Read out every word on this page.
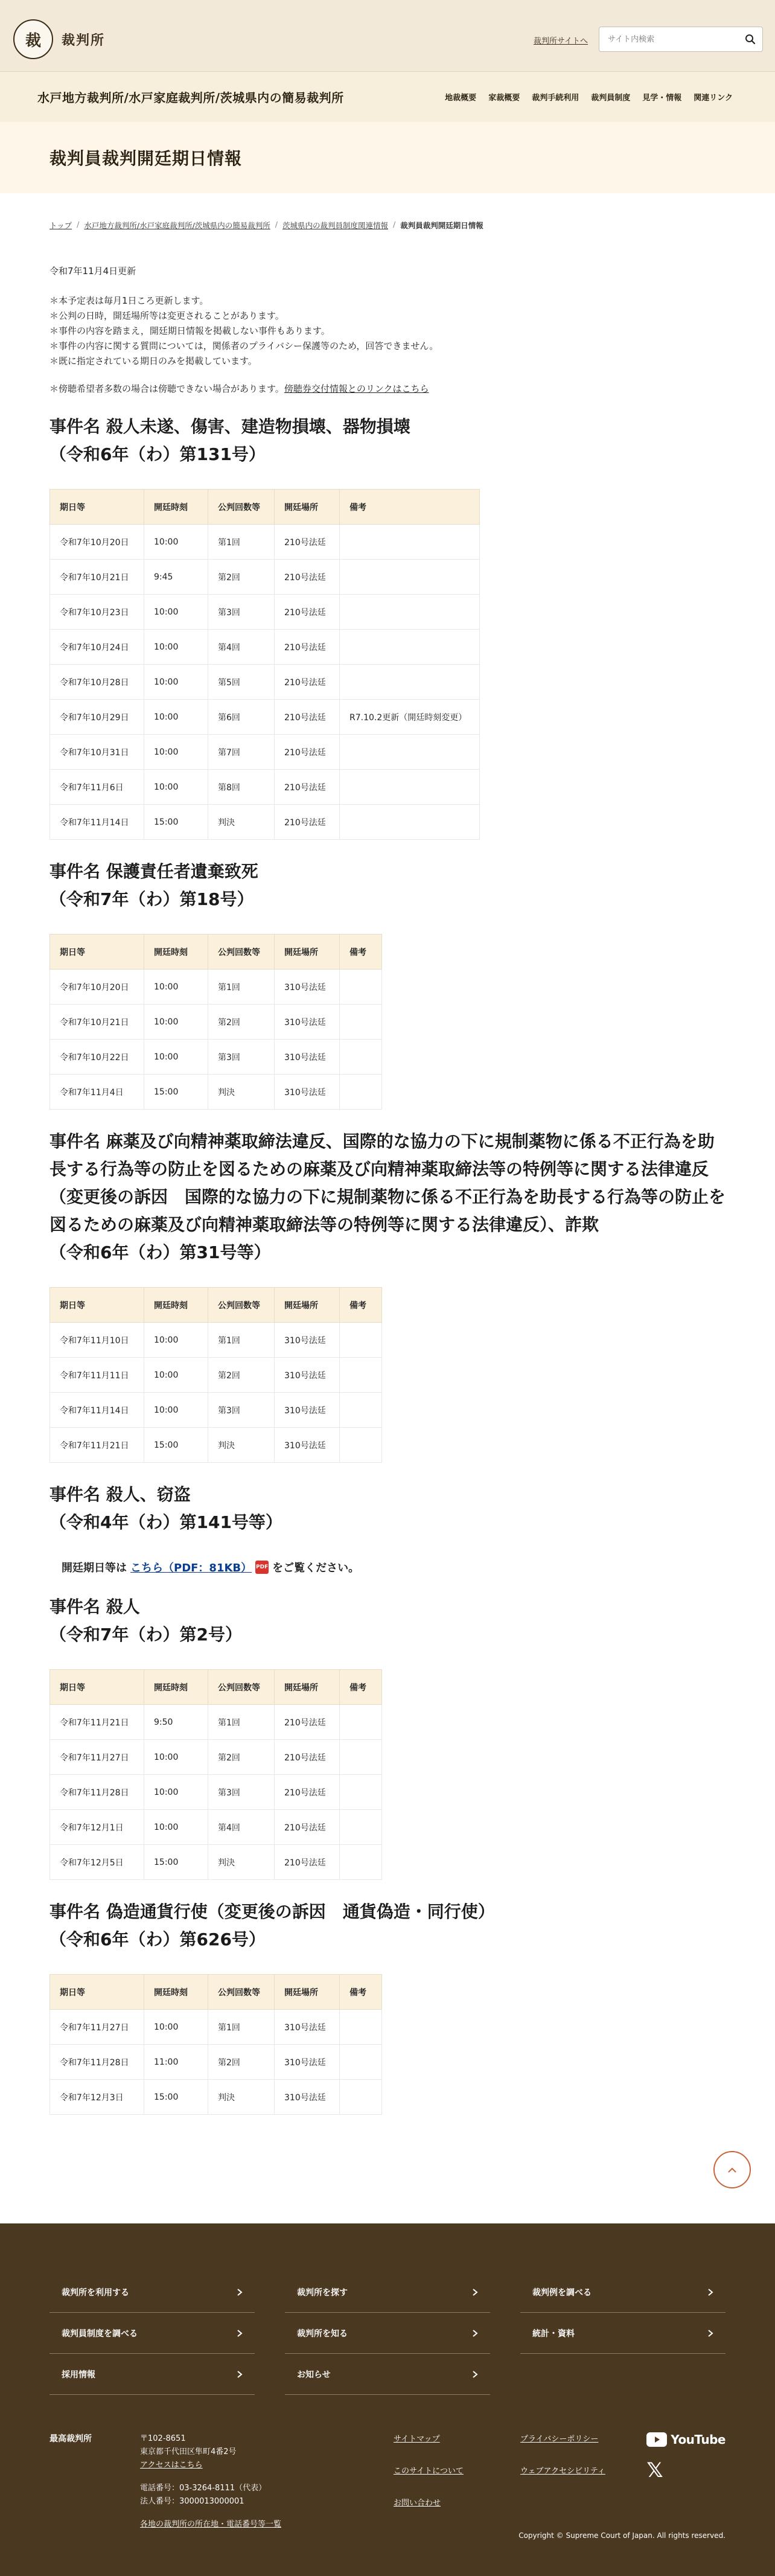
裁	裁判所	裁判所サイトへ
サイト内検索
水戸地方裁判所/水戸家庭裁判所/茨城県内の簡易裁判所	地裁概要 家裁概要 裁判手続利用 裁判員制度 見学・情報 関連リンク
裁判員裁判開廷期日情報
トップ / 水戸地方裁判所/水戸家庭裁判所/茨城県内の簡易裁判所 / 茨城県内の裁判員制度関連情報 / 裁判員裁判開廷期日情報
令和7年11月4日更新
＊本予定表は毎月1日ころ更新します。
＊公判の日時，開廷場所等は変更されることがあります。
＊事件の内容を踏まえ，開廷期日情報を掲載しない事件もあります。
＊事件の内容に関する質問については，関係者のプライバシー保護等のため，回答できません。
＊既に指定されている期日のみを掲載しています。
＊傍聴希望者多数の場合は傍聴できない場合があります。傍聴券交付情報とのリンクはこちら
事件名 殺人未遂、傷害、建造物損壊、器物損壊
（令和6年（わ）第131号）
期日等	開廷時刻	公判回数等	開廷場所	備考
令和7年10月20日	10:00	第1回	210号法廷	
令和7年10月21日	9:45	第2回	210号法廷	
令和7年10月23日	10:00	第3回	210号法廷	
令和7年10月24日	10:00	第4回	210号法廷	
令和7年10月28日	10:00	第5回	210号法廷	
令和7年10月29日	10:00	第6回	210号法廷	R7.10.2更新（開廷時刻変更）
令和7年10月31日	10:00	第7回	210号法廷	
令和7年11月6日	10:00	第8回	210号法廷	
令和7年11月14日	15:00	判決	210号法廷	
事件名 保護責任者遺棄致死
（令和7年（わ）第18号）
期日等	開廷時刻	公判回数等	開廷場所	備考
令和7年10月20日	10:00	第1回	310号法廷	
令和7年10月21日	10:00	第2回	310号法廷	
令和7年10月22日	10:00	第3回	310号法廷	
令和7年11月4日	15:00	判決	310号法廷	
事件名 麻薬及び向精神薬取締法違反、国際的な協力の下に規制薬物に係る不正行為を助長する行為等の防止を図るための麻薬及び向精神薬取締法等の特例等に関する法律違反（変更後の訴因　国際的な協力の下に規制薬物に係る不正行為を助長する行為等の防止を図るための麻薬及び向精神薬取締法等の特例等に関する法律違反）、詐欺
（令和6年（わ）第31号等）
期日等	開廷時刻	公判回数等	開廷場所	備考
令和7年11月10日	10:00	第1回	310号法廷	
令和7年11月11日	10:00	第2回	310号法廷	
令和7年11月14日	10:00	第3回	310号法廷	
令和7年11月21日	15:00	判決	310号法廷	
事件名 殺人、窃盗
（令和4年（わ）第141号等）
開廷期日等は こちら（PDF：81KB） PDF をご覧ください。
事件名 殺人
（令和7年（わ）第2号）
期日等	開廷時刻	公判回数等	開廷場所	備考
令和7年11月21日	9:50	第1回	210号法廷	
令和7年11月27日	10:00	第2回	210号法廷	
令和7年11月28日	10:00	第3回	210号法廷	
令和7年12月1日	10:00	第4回	210号法廷	
令和7年12月5日	15:00	判決	210号法廷	
事件名 偽造通貨行使（変更後の訴因　通貨偽造・同行使）
（令和6年（わ）第626号）
期日等	開廷時刻	公判回数等	開廷場所	備考
令和7年11月27日	10:00	第1回	310号法廷	
令和7年11月28日	11:00	第2回	310号法廷	
令和7年12月3日	15:00	判決	310号法廷	
裁判所を利用する	裁判所を探す	裁判例を調べる
裁判員制度を調べる	裁判所を知る	統計・資料
採用情報	お知らせ
最高裁判所	〒102-8651
東京都千代田区隼町4番2号
アクセスはこちら
電話番号：03-3264-8111（代表）
法人番号：3000013000001
各地の裁判所の所在地・電話番号等一覧
サイトマップ
このサイトについて
お問い合わせ
プライバシーポリシー
ウェブアクセシビリティ
YouTube
𝕏
Copyright © Supreme Court of Japan. All rights reserved.
